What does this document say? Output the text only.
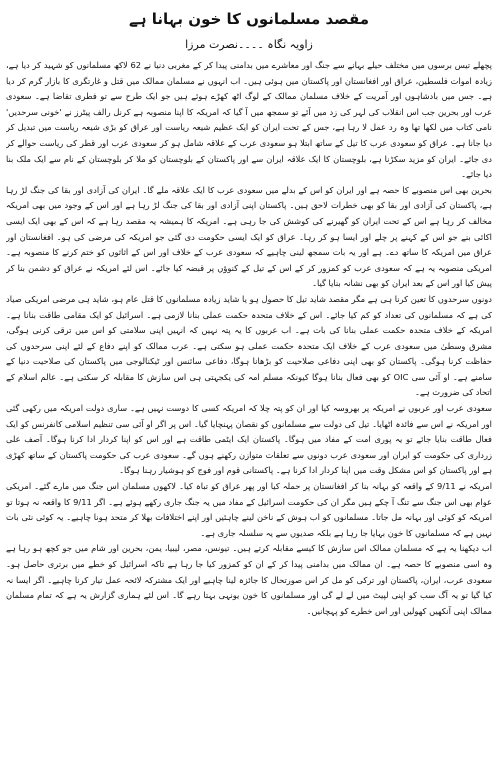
مقصد مسلمانوں کا خون بہانا ہے
زاویہ نگاہ ۔۔۔۔نصرت مرزا

پچھلے تیس برسوں میں مختلف حیلے بہانے سے جنگ اور معاشرے میں بدامنی پیدا کر کے مغربی دنیا نے 62 لاکھ مسلمانوں کو شہید کر دیا ہے، زیادہ اموات فلسطین، عراق اور افغانستان اور پاکستان میں ہوئی ہیں۔ اب انہوں نے مسلمان ممالک میں قتل و غارتگری کا بازار گرم کر دیا ہے۔ جس میں بادشاہوں اور آمریت کے خلاف مسلمان ممالک کے لوگ اٹھ کھڑے ہوئے ہیں جو ایک طرح سے تو فطری تقاضا ہے۔ سعودی عرب اور بحرین جب اس انقلاب کی لہر کی زد میں آئے تو سمجھ میں آ گیا کہ امریکہ کا اپنا منصوبہ ہے کرنل رالف پیٹرز نے 'خونی سرحدیں' نامی کتاب میں لکھا تھا وہ رد عمل لا رہا ہے، جس کے تحت ایران کو ایک عظیم شیعہ ریاست اور عراق کو بڑی شیعہ ریاست میں تبدیل کر دیا جانا ہے۔ عراق کو سعودی عرب کا تیل کے ساتھ ابتلا ہو سعودی عرب کے علاقہ شامل ہو کر سعودی عرب اور قطر کی ریاست حوالے کر دی جائے۔ ایران کو مزید سکڑنا ہے، بلوچستان کا ایک علاقہ ایران سے اور پاکستان کے بلوچستان کو ملا کر بلوچستان کے نام سے ایک ملک بنا دیا جائے۔

بحرین بھی اس منصوبے کا حصہ ہے اور ایران کو اس کے بدلے میں سعودی عرب کا ایک علاقہ ملے گا۔ ایران کی آزادی اور بقا کی جنگ لڑ رہا ہے، پاکستان کی آزادی اور بقا کو بھی خطرات لاحق ہیں۔ پاکستان اپنی آزادی اور بقا کی جنگ لڑ رہا ہے اور اس کے وجود میں بھی امریکہ مخالف کر رہا ہے اس کے تحت ایران کو گھیرنے کی کوشش کی جا رہی ہے۔ امریکہ کا ہمیشہ یہ مقصد رہا ہے کہ اس کے بھی ایک ایسی اکائی بنے جو اس کے کہنے پر چلے اور ایسا ہو کر رہا۔ عراق کو ایک ایسی حکومت دی گئی جو امریکہ کی مرضی کی ہو۔ افغانستان اور عراق میں امریکہ کا ساتھ دے۔ ہے اور یہ بات سمجھ لینی چاہیے کہ سعودی عرب کے خلاف اور اس کے اثاثوں کو ختم کرنے کا منصوبہ ہے۔ امریکی منصوبہ یہ ہے کہ سعودی عرب کو کمزور کر کے اس کے تیل کے کنوؤں پر قبضہ کیا جائے۔ اس لئے امریکہ نے عراق کو دشمن بنا کر پیش کیا اور اس کے بعد ایران کو بھی نشانہ بنایا گیا۔

دونوں سرحدوں کا تعین کرنا ہی ہے مگر مقصد شاید تیل کا حصول ہو یا شاید زیادہ مسلمانوں کا قتل عام ہو، شاید ہی مرضی امریکی صیاد کی ہے کہ مسلمانوں کی تعداد کو کم کیا جائے۔ اس کے خلاف متحدہ حکمت عملی بنانا لازمی ہے۔ اسرائیل کو ایک مقامی طاقت بنانا ہے۔ امریکہ کے خلاف متحدہ حکمت عملی بنانا کی بات ہے۔ اب عربوں کا یہ پتہ نہیں کہ انہیں اپنی سلامتی کو اس میں ترقی کرنی ہوگی، مشرق وسطیٰ میں سعودی عرب کے خلاف ایک متحدہ حکمت عملی ہو سکتی ہے۔ عرب ممالک کو اپنے دفاع کے لئے اپنی سرحدوں کی حفاظت کرنا ہوگی۔ پاکستان کو بھی اپنی دفاعی صلاحیت کو بڑھانا ہوگا، دفاعی سائنس اور ٹیکنالوجی میں پاکستان کی صلاحیت دنیا کے سامنے ہے۔ او آئی سی OIC کو بھی فعال بنانا ہوگا کیونکہ مسلم امہ کی یکجہتی ہی اس سازش کا مقابلہ کر سکتی ہے۔ عالم اسلام کے اتحاد کی ضرورت ہے۔

سعودی عرب اور عربوں نے امریکہ پر بھروسہ کیا اور ان کو پتہ چلا کہ امریکہ کسی کا دوست نہیں ہے۔ ساری دولت امریکہ میں رکھی گئی اور امریکہ نے اس سے فائدہ اٹھایا۔ تیل کی دولت سے مسلمانوں کو نقصان پہنچایا گیا۔ اس پر اگر او آئی سی تنظیم اسلامی کانفرنس کو ایک فعال طاقت بنایا جائے تو یہ پوری امت کے مفاد میں ہوگا۔ پاکستان ایک ایٹمی طاقت ہے اور اس کو اپنا کردار ادا کرنا ہوگا۔ آصف علی زرداری کی حکومت کو ایران اور سعودی عرب دونوں سے تعلقات متوازن رکھنے ہوں گے۔ سعودی عرب کی حکومت پاکستان کے ساتھ کھڑی ہے اور پاکستان کو اس مشکل وقت میں اپنا کردار ادا کرنا ہے۔ پاکستانی قوم اور فوج کو ہوشیار رہنا ہوگا۔

امریکہ نے 9/11 کے واقعہ کو بہانہ بنا کر افغانستان پر حملہ کیا اور پھر عراق کو تباہ کیا۔ لاکھوں مسلمان اس جنگ میں مارے گئے۔ امریکی عوام بھی اس جنگ سے تنگ آ چکے ہیں مگر ان کی حکومت اسرائیل کے مفاد میں یہ جنگ جاری رکھے ہوئے ہے۔ اگر 9/11 کا واقعہ نہ ہوتا تو امریکہ کو کوئی اور بہانہ مل جاتا۔ مسلمانوں کو اب ہوش کے ناخن لینے چاہئیں اور اپنے اختلافات بھلا کر متحد ہونا چاہیے۔ یہ کوئی نئی بات نہیں ہے کہ مسلمانوں کا خون بہایا جا رہا ہے بلکہ صدیوں سے یہ سلسلہ جاری ہے۔

اب دیکھنا یہ ہے کہ مسلمان ممالک اس سازش کا کیسے مقابلہ کرتے ہیں۔ تیونس، مصر، لیبیا، یمن، بحرین اور شام میں جو کچھ ہو رہا ہے وہ اسی منصوبے کا حصہ ہے۔ ان ممالک میں بدامنی پیدا کر کے ان کو کمزور کیا جا رہا ہے تاکہ اسرائیل کو خطے میں برتری حاصل ہو۔ سعودی عرب، ایران، پاکستان اور ترکی کو مل کر اس صورتحال کا جائزہ لینا چاہیے اور ایک مشترکہ لائحہ عمل تیار کرنا چاہیے۔ اگر ایسا نہ کیا گیا تو یہ آگ سب کو اپنی لپیٹ میں لے لے گی اور مسلمانوں کا خون یونہی بہتا رہے گا۔ اس لئے ہماری گزارش یہ ہے کہ تمام مسلمان ممالک اپنی آنکھیں کھولیں اور اس خطرے کو پہچانیں۔
